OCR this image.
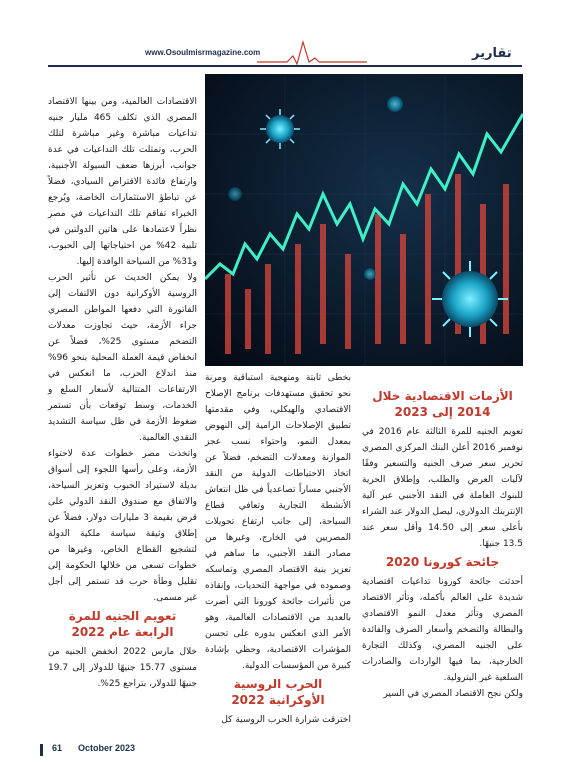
www.Osoulmisrmagazine.com	تقارير

الاقتصادات العالمية، ومن بينها الاقتصاد المصري الذي تكلف 465 مليار جنيه تداعيات مباشرة وغير مباشرة لتلك الحرب، وتمثلت تلك التداعيات في عدة جوانب، أبرزها ضعف السيولة الأجنبية، وارتفاع فائدة الاقتراض السيادي، فضلاً عن تباطؤ الاستثمارات الخاصة، ويُرجع الخبراء تفاقم تلك التداعيات في مصر نظراً لاعتمادها على هاتين الدولتين في تلبية 42% من احتياجاتها إلى الحبوب، و31% من السياحة الوافدة إليها.

ولا يمكن الحديث عن تأثير الحرب الروسية الأوكرانية دون الالتفات إلى الفاتورة التي دفعها المواطن المصري جراء الأزمة، حيث تجاوزت معدلات التضخم مستوى 25%، فضلاً عن انخفاض قيمة العملة المحلية بنحو 96% منذ اندلاع الحرب، ما انعكس في الارتفاعات المتتالية لأسعار السلع و الخدمات، وسط توقعات بأن تستمر ضغوط الأزمة في ظل سياسة التشديد النقدي العالمية.

واتخذت مصر خطوات عدة لاحتواء الأزمة، وعلى رأسها اللجوء إلى أسواق بديلة لاستيراد الحبوب وتعزيز السياحة، والاتفاق مع صندوق النقد الدولي على قرض بقيمة 3 مليارات دولار، فضلاً عن إطلاق وثيقة سياسة ملكية الدولة لتشجيع القطاع الخاص، وغيرها من خطوات تسعى من خلالها الحكومة إلى تقليل وطأة حرب قد تستمر إلى أجل غير مسمى.

تعويم الجنيه للمرة الرابعة عام 2022

خلال مارس 2022 انخفض الجنيه من مستوى 15.77 جنيهًا للدولار إلى 19.7 جنيهًا للدولار، بتراجع 25%.

بخطى ثابتة ومنهجية استباقية ومرنة نحو تحقيق مستهدفات برنامج الإصلاح الاقتصادي والهيكلي، وفي مقدمتها تطبيق الإصلاحات الرامية إلى النهوض بمعدل النمو، واحتواء نسب عجز الموازنة ومعدلات التضخم، فضلاً عن اتخاذ الاحتياطات الدولية من النقد الأجنبي مساراً تصاعدياً في ظل انتعاش الأنشطة التجارية وتعافي قطاع السياحة، إلى جانب ارتفاع تحويلات المصريين في الخارج، وغيرها من مصادر النقد الأجنبي، ما ساهم في تعزيز بنية الاقتصاد المصري وتماسكه وصموده في مواجهة التحديات، وإنقاذه من تأثيرات جائحة كورونا التي أضرت بالعديد من الاقتصادات العالمية، وهو الأمر الذي انعكس بدوره على تحسن المؤشرات الاقتصادية، وحظي بإشادة كبيرة من المؤسسات الدولية.

الحرب الروسية الأوكرانية 2022

اخترقت شرارة الحرب الروسية كل

الأزمات الاقتصادية خلال 2014 إلى 2023

تعويم الجنيه للمرة الثالثة عام 2016 في نوفمبر 2016 أعلن البنك المركزي المصري تحرير سعر صرف الجنيه والتسعير وفقًا لآليات العرض والطلب، وإطلاق الحرية للبنوك العاملة في النقد الأجنبي عبر آلية الإنتربنك الدولاري، ليصل الدولار عند الشراء بأعلى سعر إلى 14.50 وأقل سعر عند 13.5 جنيهًا.

جائحة كورونا 2020

أحدثت جائحة كورونا تداعيات اقتصادية شديدة على العالم بأكمله، وتأثر الاقتصاد المصري وتأثر معدل النمو الاقتصادي والبطالة والتضخم وأسعار الصرف والفائدة على الجنيه المصري، وكذلك التجارة الخارجية، بما فيها الواردات والصادرات السلعية غير البترولية.

ولكن نجح الاقتصاد المصري في السير

61 October 2023
